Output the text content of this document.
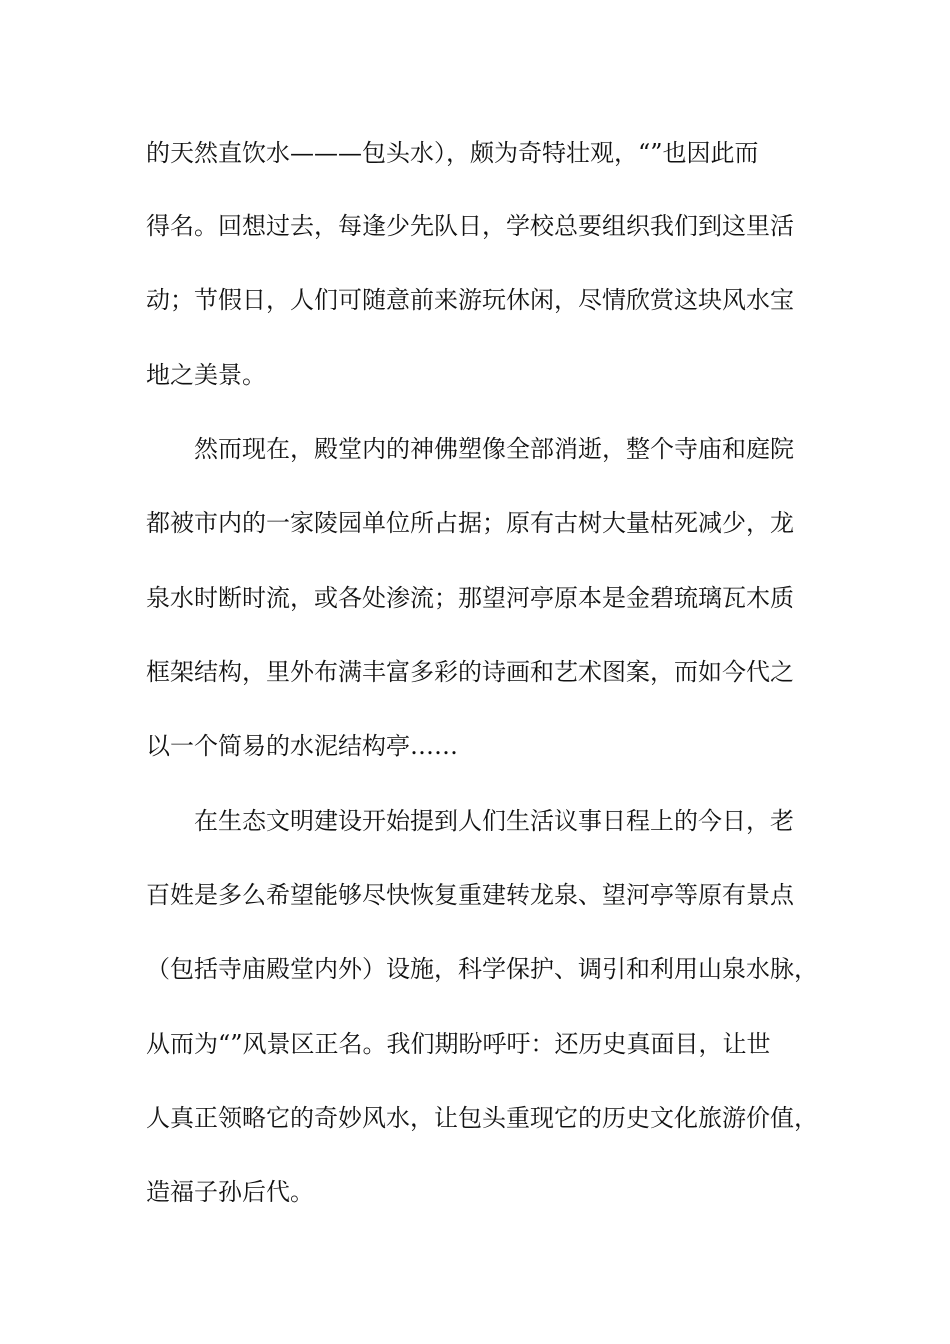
的天然直饮水———包头水），颇为奇特壮观，“”也因此而
得名。回想过去，每逢少先队日，学校总要组织我们到这里活
动；节假日，人们可随意前来游玩休闲，尽情欣赏这块风水宝
地之美景。
然而现在，殿堂内的神佛塑像全部消逝，整个寺庙和庭院
都被市内的一家陵园单位所占据；原有古树大量枯死减少，龙
泉水时断时流，或各处渗流；那望河亭原本是金碧琉璃瓦木质
框架结构，里外布满丰富多彩的诗画和艺术图案，而如今代之
以一个简易的水泥结构亭……
在生态文明建设开始提到人们生活议事日程上的今日，老
百姓是多么希望能够尽快恢复重建转龙泉、望河亭等原有景点
（包括寺庙殿堂内外）设施，科学保护、调引和利用山泉水脉，
从而为“”风景区正名。我们期盼呼吁：还历史真面目，让世
人真正领略它的奇妙风水，让包头重现它的历史文化旅游价值，
造福子孙后代。
